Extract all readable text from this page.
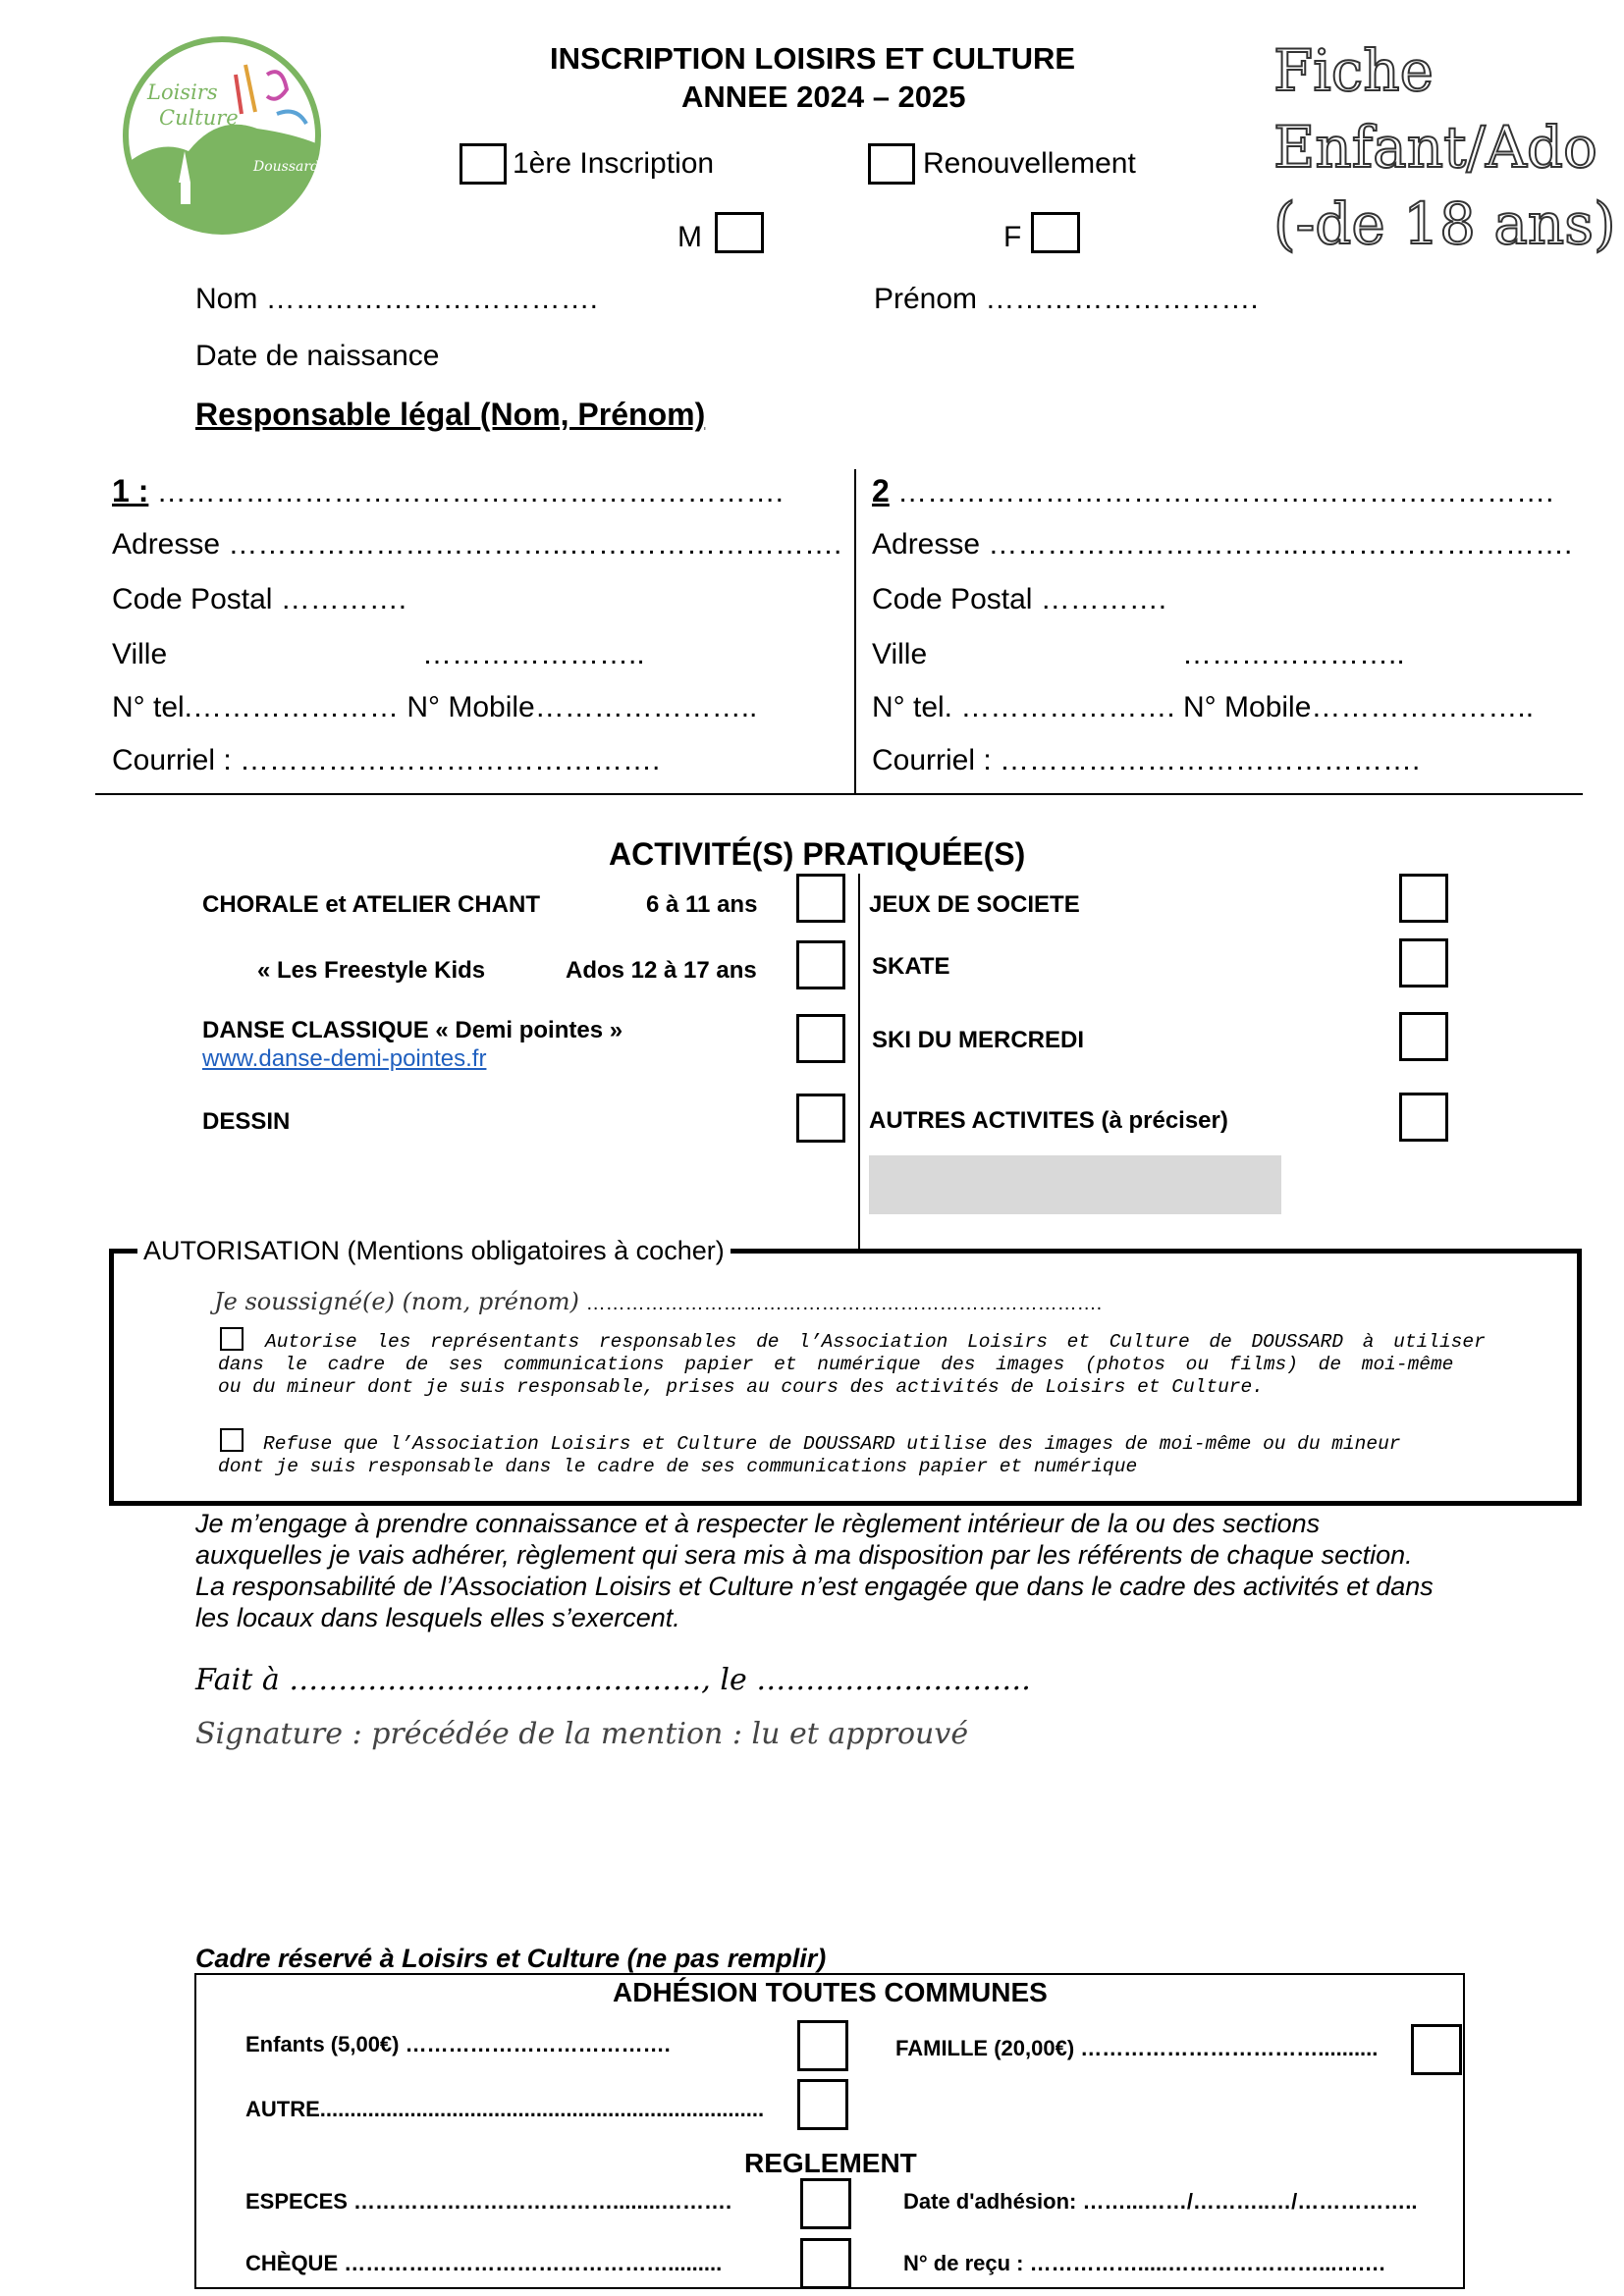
Loisirs
Culture
Doussard
INSCRIPTION LOISIRS ET CULTURE
ANNEE 2024 – 2025	Fiche
Enfant/Ado
(-de 18 ans)
1ère Inscription	Renouvellement
M	F
Nom …………………………….	Prénom ……………………….
Date de naissance
Responsable légal (Nom, Prénom)
1 : ……………………………………………………….
Adresse ……………………………..……………………….
Code Postal ………….
Ville	…………………..
N° tel.………………… N° Mobile…………………..
Courriel : …………………………………….
2 ………………………………………………………….
Adresse …………………………..……………………….
Code Postal ………….
Ville	…………………..
N° tel. …………………. N° Mobile…………………..
Courriel : …………………………………….
ACTIVITÉ(S) PRATIQUÉE(S)
CHORALE et ATELIER CHANT	6 à 11 ans
« Les Freestyle Kids	Ados 12 à 17 ans
DANSE CLASSIQUE « Demi pointes »
www.danse-demi-pointes.fr
DESSIN
JEUX DE SOCIETE
SKATE
SKI DU MERCREDI
AUTRES ACTIVITES (à préciser)
AUTORISATION (Mentions obligatoires à cocher)
Je soussigné(e) (nom, prénom) …………………………………………………………………….
Autorise les représentants responsables de l’Association Loisirs et Culture de DOUSSARD à utiliser
dans le cadre de ses communications papier et numérique des images (photos ou films) de moi-même
ou du mineur dont je suis responsable, prises au cours des activités de Loisirs et Culture.
Refuse que l’Association Loisirs et Culture de DOUSSARD utilise des images de moi-même ou du mineur
dont je suis responsable dans le cadre de ses communications papier et numérique
Je m’engage à prendre connaissance et à respecter le règlement intérieur de la ou des sections
auxquelles je vais adhérer, règlement qui sera mis à ma disposition par les référents de chaque section.
La responsabilité de l’Association Loisirs et Culture n’est engagée que dans le cadre des activités et dans
les locaux dans lesquels elles s’exercent.
Fait à ……………………………………, le ……………………….
Signature : précédée de la mention : lu et approuvé
Cadre réservé à Loisirs et Culture (ne pas remplir)
ADHÉSION TOUTES COMMUNES
Enfants (5,00€) ……………………………….	FAMILLE (20,00€) ……………………………..........
AUTRE..........................................................................
REGLEMENT
ESPECES ………………………………........……….	Date d'adhésion: ……...……/………..…/……………..
CHÈQUE ……………………………………….........	N° de reçu : …………….....…………………...….…
